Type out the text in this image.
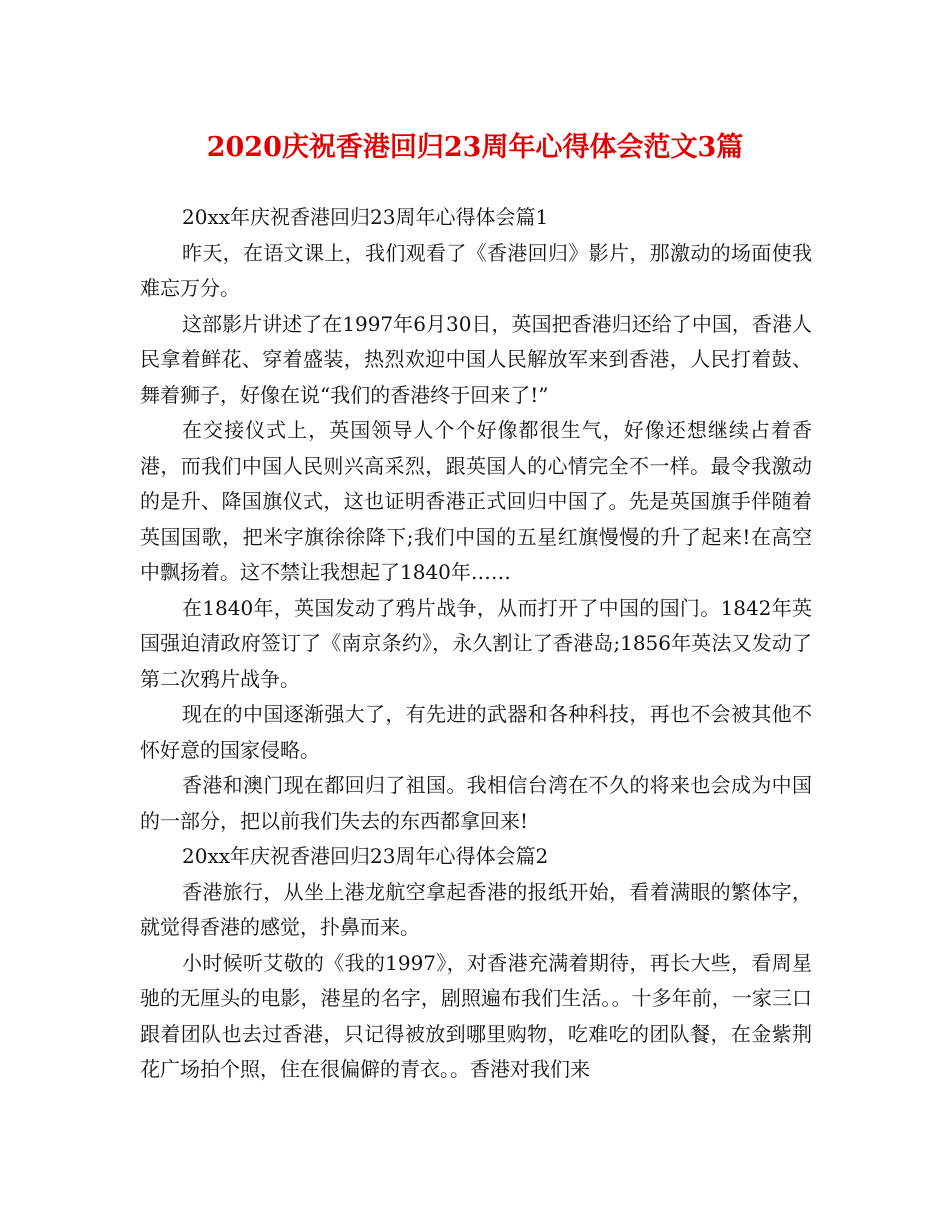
2020庆祝香港回归23周年心得体会范文3篇

20xx年庆祝香港回归23周年心得体会篇1

昨天，在语文课上，我们观看了《香港回归》影片，那激动的场面使我难忘万分。

这部影片讲述了在1997年6月30日，英国把香港归还给了中国，香港人民拿着鲜花、穿着盛装，热烈欢迎中国人民解放军来到香港，人民打着鼓、舞着狮子，好像在说“我们的香港终于回来了!”

在交接仪式上，英国领导人个个好像都很生气，好像还想继续占着香港，而我们中国人民则兴高采烈，跟英国人的心情完全不一样。最令我激动的是升、降国旗仪式，这也证明香港正式回归中国了。先是英国旗手伴随着英国国歌，把米字旗徐徐降下;我们中国的五星红旗慢慢的升了起来!在高空中飘扬着。这不禁让我想起了1840年……

在1840年，英国发动了鸦片战争，从而打开了中国的国门。1842年英国强迫清政府签订了《南京条约》，永久割让了香港岛;1856年英法又发动了第二次鸦片战争。

现在的中国逐渐强大了，有先进的武器和各种科技，再也不会被其他不怀好意的国家侵略。

香港和澳门现在都回归了祖国。我相信台湾在不久的将来也会成为中国的一部分，把以前我们失去的东西都拿回来!

20xx年庆祝香港回归23周年心得体会篇2

香港旅行，从坐上港龙航空拿起香港的报纸开始，看着满眼的繁体字，就觉得香港的感觉，扑鼻而来。

小时候听艾敬的《我的1997》，对香港充满着期待，再长大些，看周星驰的无厘头的电影，港星的名字，剧照遍布我们生活。。十多年前，一家三口跟着团队也去过香港，只记得被放到哪里购物，吃难吃的团队餐，在金紫荆花广场拍个照，住在很偏僻的青衣。。香港对我们来
